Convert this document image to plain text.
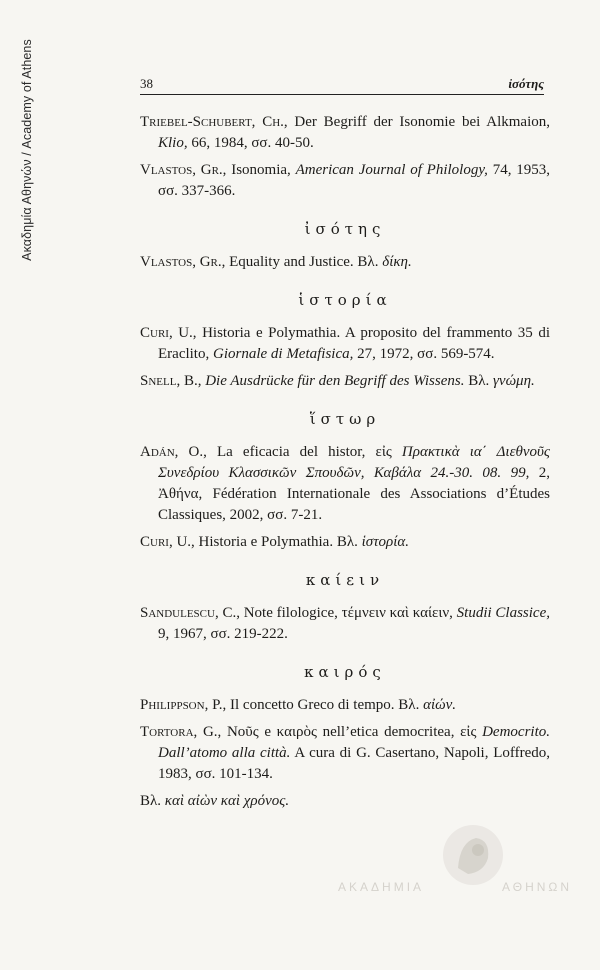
Ακαδημία Αθηνών / Academy of Athens	38	ἰσότης

Triebel-Schubert, Ch., Der Begriff der Isonomie bei Alkmaion, Klio, 66, 1984, σσ. 40-50.

Vlastos, Gr., Isonomia, American Journal of Philology, 74, 1953, σσ. 337-366.

ἰσότης

Vlastos, Gr., Equality and Justice. Βλ. δίκη.

ἱστορία

Curi, U., Historia e Polymathia. A proposito del frammento 35 di Eraclito, Giornale di Metafisica, 27, 1972, σσ. 569-574.

Snell, B., Die Ausdrücke für den Begriff des Wissens. Βλ. γνώμη.

ἵστωρ

Adán, O., La eficacia del histor, εἰς Πρακτικὰ ια΄ Διεθνοῦς Συνεδρίου Κλασσικῶν Σπουδῶν, Καβάλα 24.-30. 08. 99, 2, Ἀθήνα, Fédération Internationale des Associations d’Études Classiques, 2002, σσ. 7-21.

Curi, U., Historia e Polymathia. Βλ. ἱστορία.

καίειν

Sandulescu, C., Note filologice, τέμνειν καὶ καίειν, Studii Classice, 9, 1967, σσ. 219-222.

καιρός

Philippson, P., Il concetto Greco di tempo. Βλ. αἰών.

Tortora, G., Νοῦς e καιρὸς nell’etica democritea, εἰς Democrito. Dall’atomo alla città. A cura di G. Casertano, Napoli, Loffredo, 1983, σσ. 101-134.

Βλ. καὶ αἰὼν καὶ χρόνος.

ΑΚΑΔΗΜΙΑ	ΑΘΗΝΩΝ
